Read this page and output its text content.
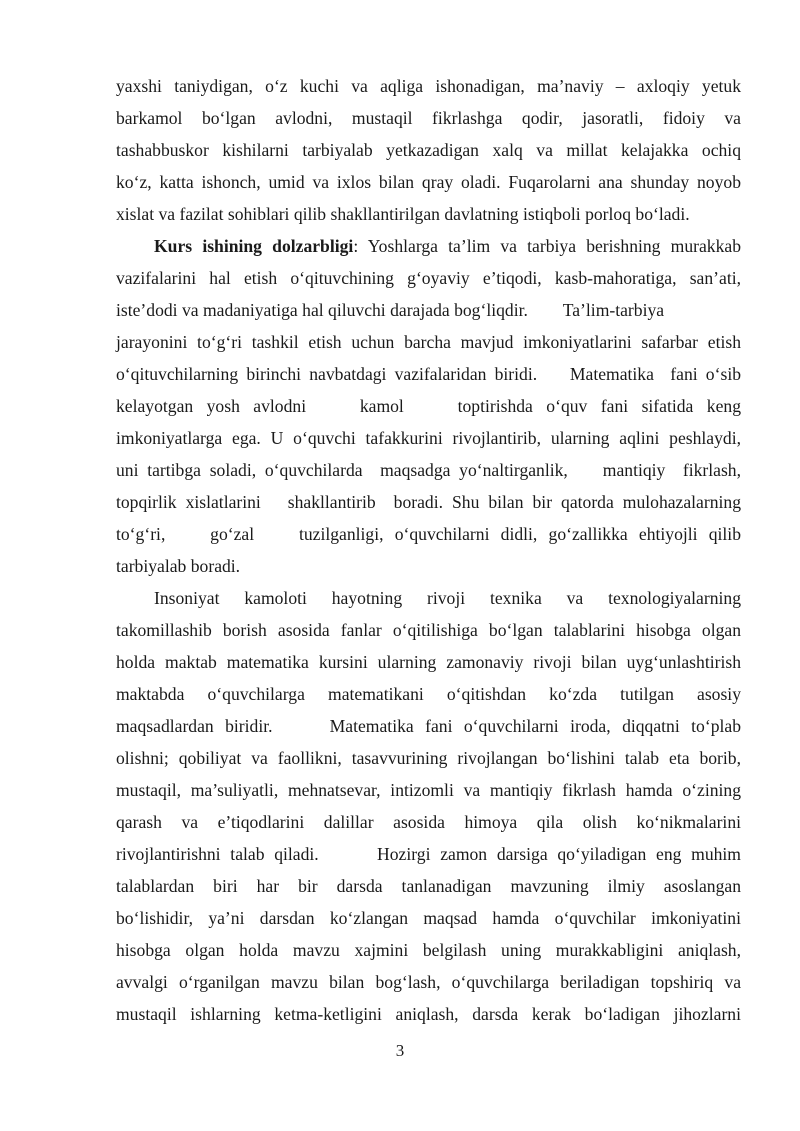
yaxshi taniydigan, o‘z kuchi va aqliga ishonadigan, ma’naviy – axloqiy yetuk
barkamol bo‘lgan avlodni, mustaqil fikrlashga qodir, jasoratli, fidoiy va
tashabbuskor kishilarni tarbiyalab yetkazadigan xalq va millat kelajakka ochiq
ko‘z, katta ishonch, umid va ixlos bilan qray oladi. Fuqarolarni ana shunday noyob
xislat va fazilat sohiblari qilib shakllantirilgan davlatning istiqboli porloq bo‘ladi.
Kurs ishining dolzarbligi: Yoshlarga ta’lim va tarbiya berishning murakkab
vazifalarini hal etish o‘qituvchining g‘oyaviy e’tiqodi, kasb-mahoratiga, san’ati,
iste’dodi va madaniyatiga hal qiluvchi darajada bog‘liqdir.        Ta’lim-tarbiya
jarayonini to‘g‘ri tashkil etish uchun barcha mavjud imkoniyatlarini safarbar etish
o‘qituvchilarning birinchi navbatdagi vazifalaridan biridi.    Matematika  fani o‘sib
kelayotgan yosh avlodni    kamol    toptirishda o‘quv fani sifatida keng
imkoniyatlarga ega. U o‘quvchi tafakkurini rivojlantirib, ularning aqlini peshlaydi,
uni tartibga soladi, o‘quvchilarda  maqsadga yo‘naltirganlik,    mantiqiy  fikrlash,
topqirlik xislatlarini   shakllantirib  boradi. Shu bilan bir qatorda mulohazalarning
to‘g‘ri,    go‘zal    tuzilganligi, o‘quvchilarni didli, go‘zallikka ehtiyojli qilib
tarbiyalab boradi.
Insoniyat kamoloti hayotning rivoji texnika va texnologiyalarning
takomillashib borish asosida fanlar o‘qitilishiga bo‘lgan talablarini hisobga olgan
holda maktab matematika kursini ularning zamonaviy rivoji bilan uyg‘unlashtirish
maktabda o‘quvchilarga matematikani o‘qitishdan ko‘zda tutilgan asosiy
maqsadlardan biridir.     Matematika fani o‘quvchilarni iroda, diqqatni to‘plab
olishni; qobiliyat va faollikni, tasavvurining rivojlangan bo‘lishini talab eta borib,
mustaqil, ma’suliyatli, mehnatsevar, intizomli va mantiqiy fikrlash hamda o‘zining
qarash va e’tiqodlarini dalillar asosida himoya qila olish ko‘nikmalarini
rivojlantirishni talab qiladi.      Hozirgi zamon darsiga qo‘yiladigan eng muhim
talablardan biri har bir darsda tanlanadigan mavzuning ilmiy asoslangan
bo‘lishidir, ya’ni darsdan ko‘zlangan maqsad hamda o‘quvchilar imkoniyatini
hisobga olgan holda mavzu xajmini belgilash uning murakkabligini aniqlash,
avvalgi o‘rganilgan mavzu bilan bog‘lash, o‘quvchilarga beriladigan topshiriq va
mustaqil ishlarning ketma-ketligini aniqlash, darsda kerak bo‘ladigan jihozlarni
3
